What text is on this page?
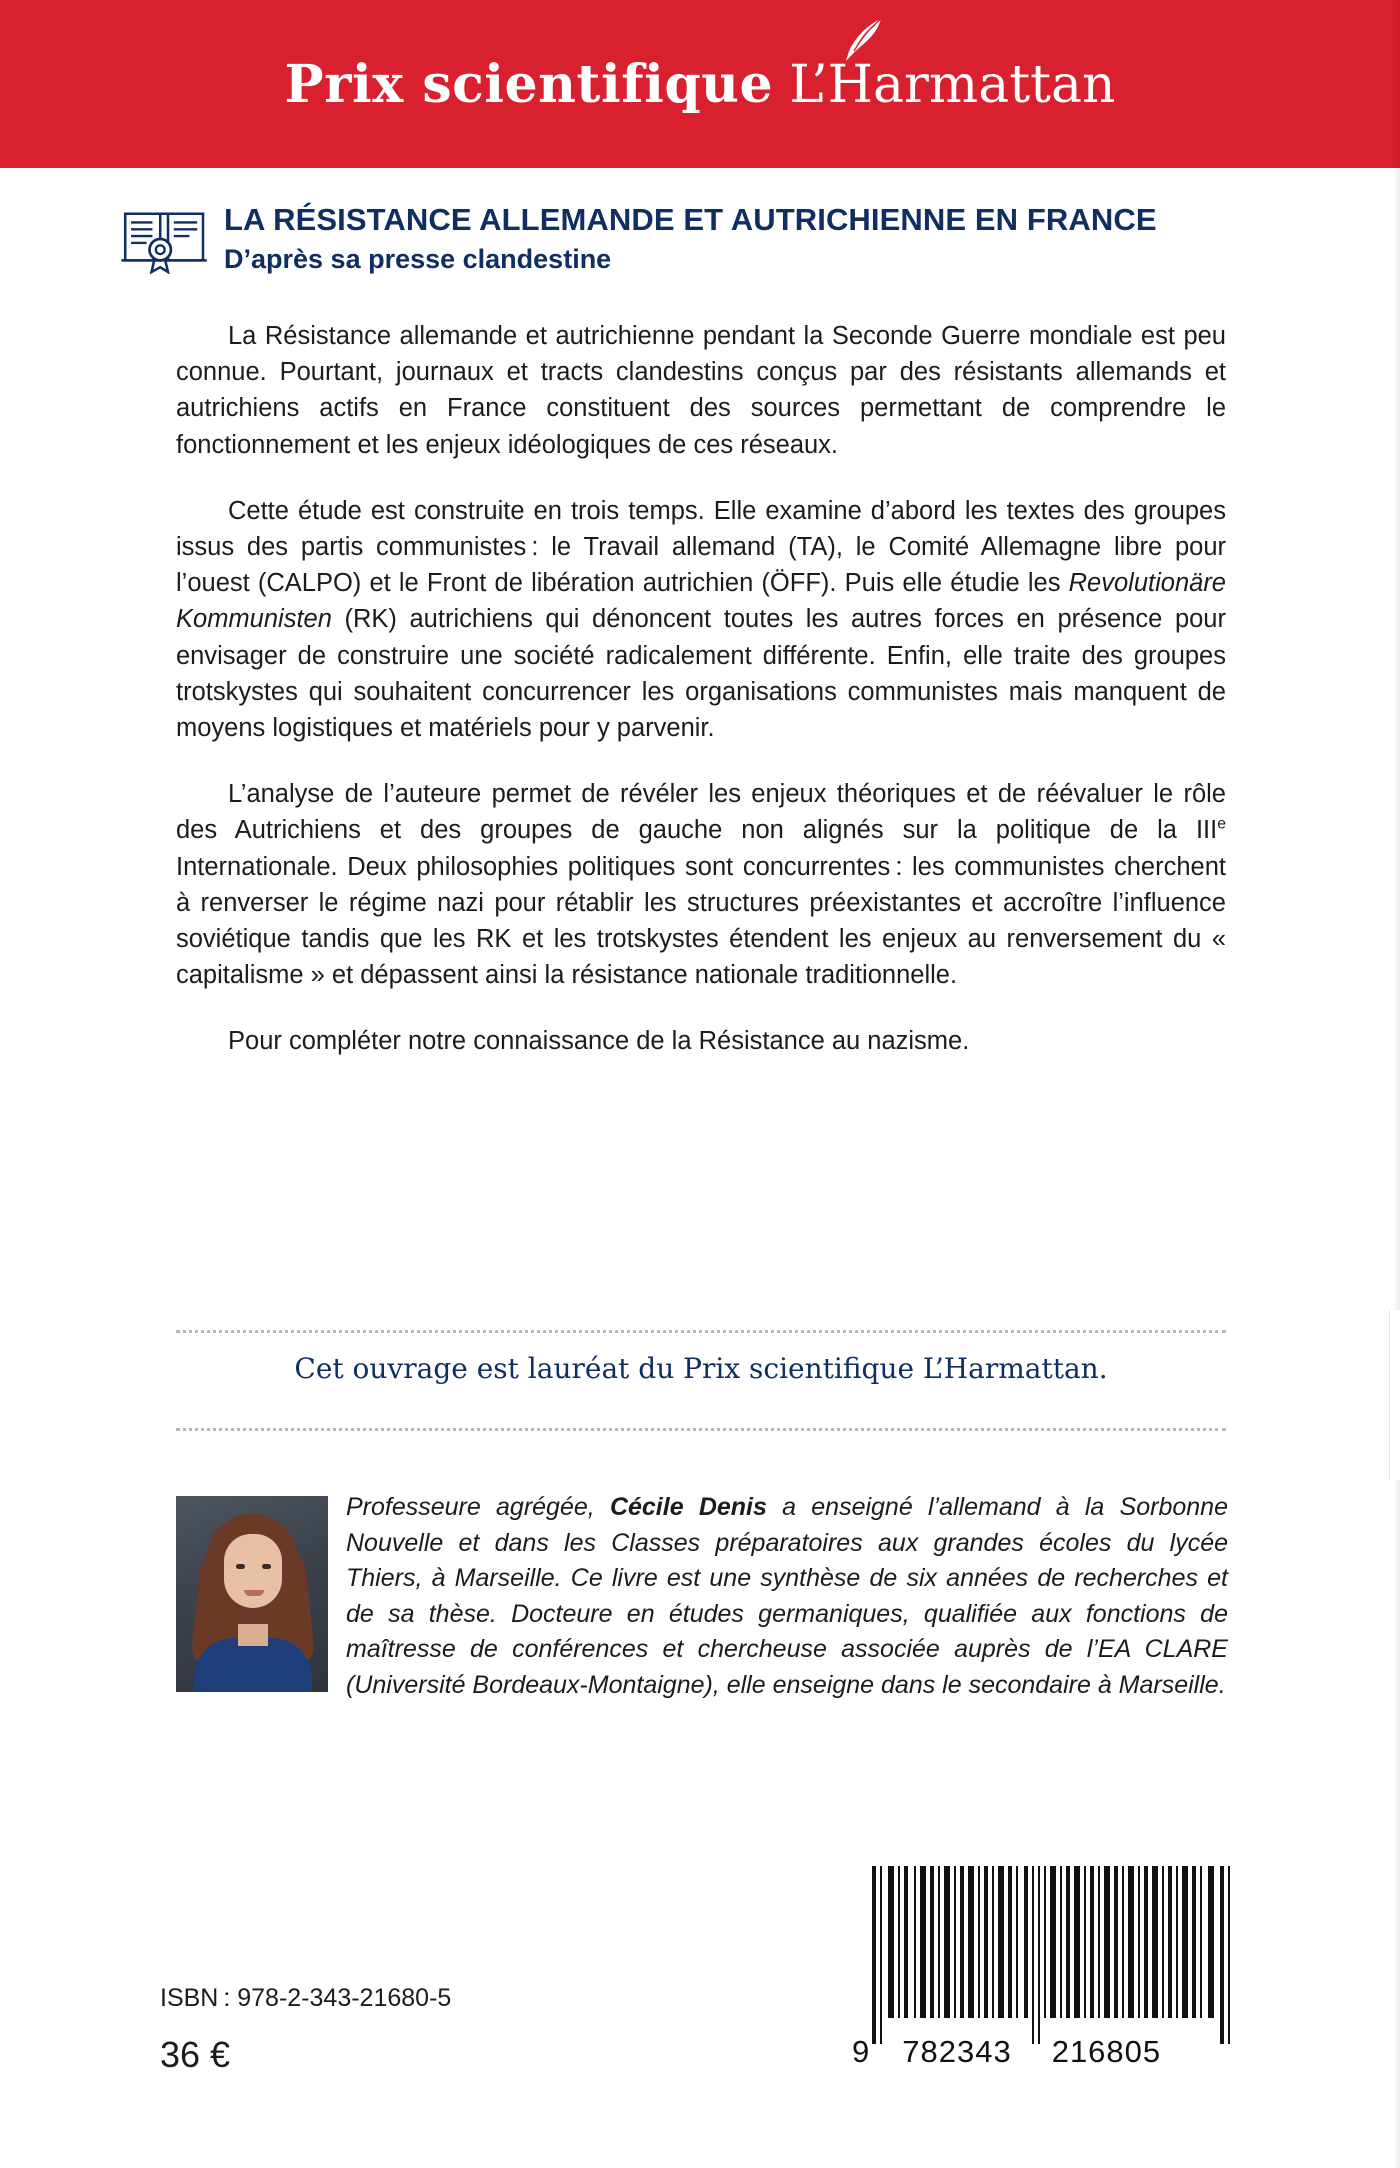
Prix scientifique L’Harmattan
LA RÉSISTANCE ALLEMANDE ET AUTRICHIENNE EN FRANCE
D’après sa presse clandestine

La Résistance allemande et autrichienne pendant la Seconde Guerre mondiale est peu connue. Pourtant, journaux et tracts clandestins conçus par des résistants allemands et autrichiens actifs en France constituent des sources permettant de comprendre le fonctionnement et les enjeux idéologiques de ces réseaux.

Cette étude est construite en trois temps. Elle examine d’abord les textes des groupes issus des partis communistes : le Travail allemand (TA), le Comité Allemagne libre pour l’ouest (CALPO) et le Front de libération autrichien (ÖFF). Puis elle étudie les Revolutionäre Kommunisten (RK) autrichiens qui dénoncent toutes les autres forces en présence pour envisager de construire une société radicalement différente. Enfin, elle traite des groupes trotskystes qui souhaitent concurrencer les organisations communistes mais manquent de moyens logistiques et matériels pour y parvenir.

L’analyse de l’auteure permet de révéler les enjeux théoriques et de réévaluer le rôle des Autrichiens et des groupes de gauche non alignés sur la politique de la IIIe Internationale. Deux philosophies politiques sont concurrentes : les communistes cherchent à renverser le régime nazi pour rétablir les structures préexistantes et accroître l’influence soviétique tandis que les RK et les trotskystes étendent les enjeux au renversement du « capitalisme » et dépassent ainsi la résistance nationale traditionnelle.

Pour compléter notre connaissance de la Résistance au nazisme.

Cet ouvrage est lauréat du Prix scientifique L’Harmattan.
Professeure agrégée, Cécile Denis a enseigné l’allemand à la Sorbonne Nouvelle et dans les Classes préparatoires aux grandes écoles du lycée Thiers, à Marseille. Ce livre est une synthèse de six années de recherches et de sa thèse. Docteure en études germaniques, qualifiée aux fonctions de maîtresse de conférences et chercheuse associée auprès de l’EA CLARE (Université Bordeaux-Montaigne), elle enseigne dans le secondaire à Marseille.
ISBN : 978-2-343-21680-5
36 €	9 782343 216805
